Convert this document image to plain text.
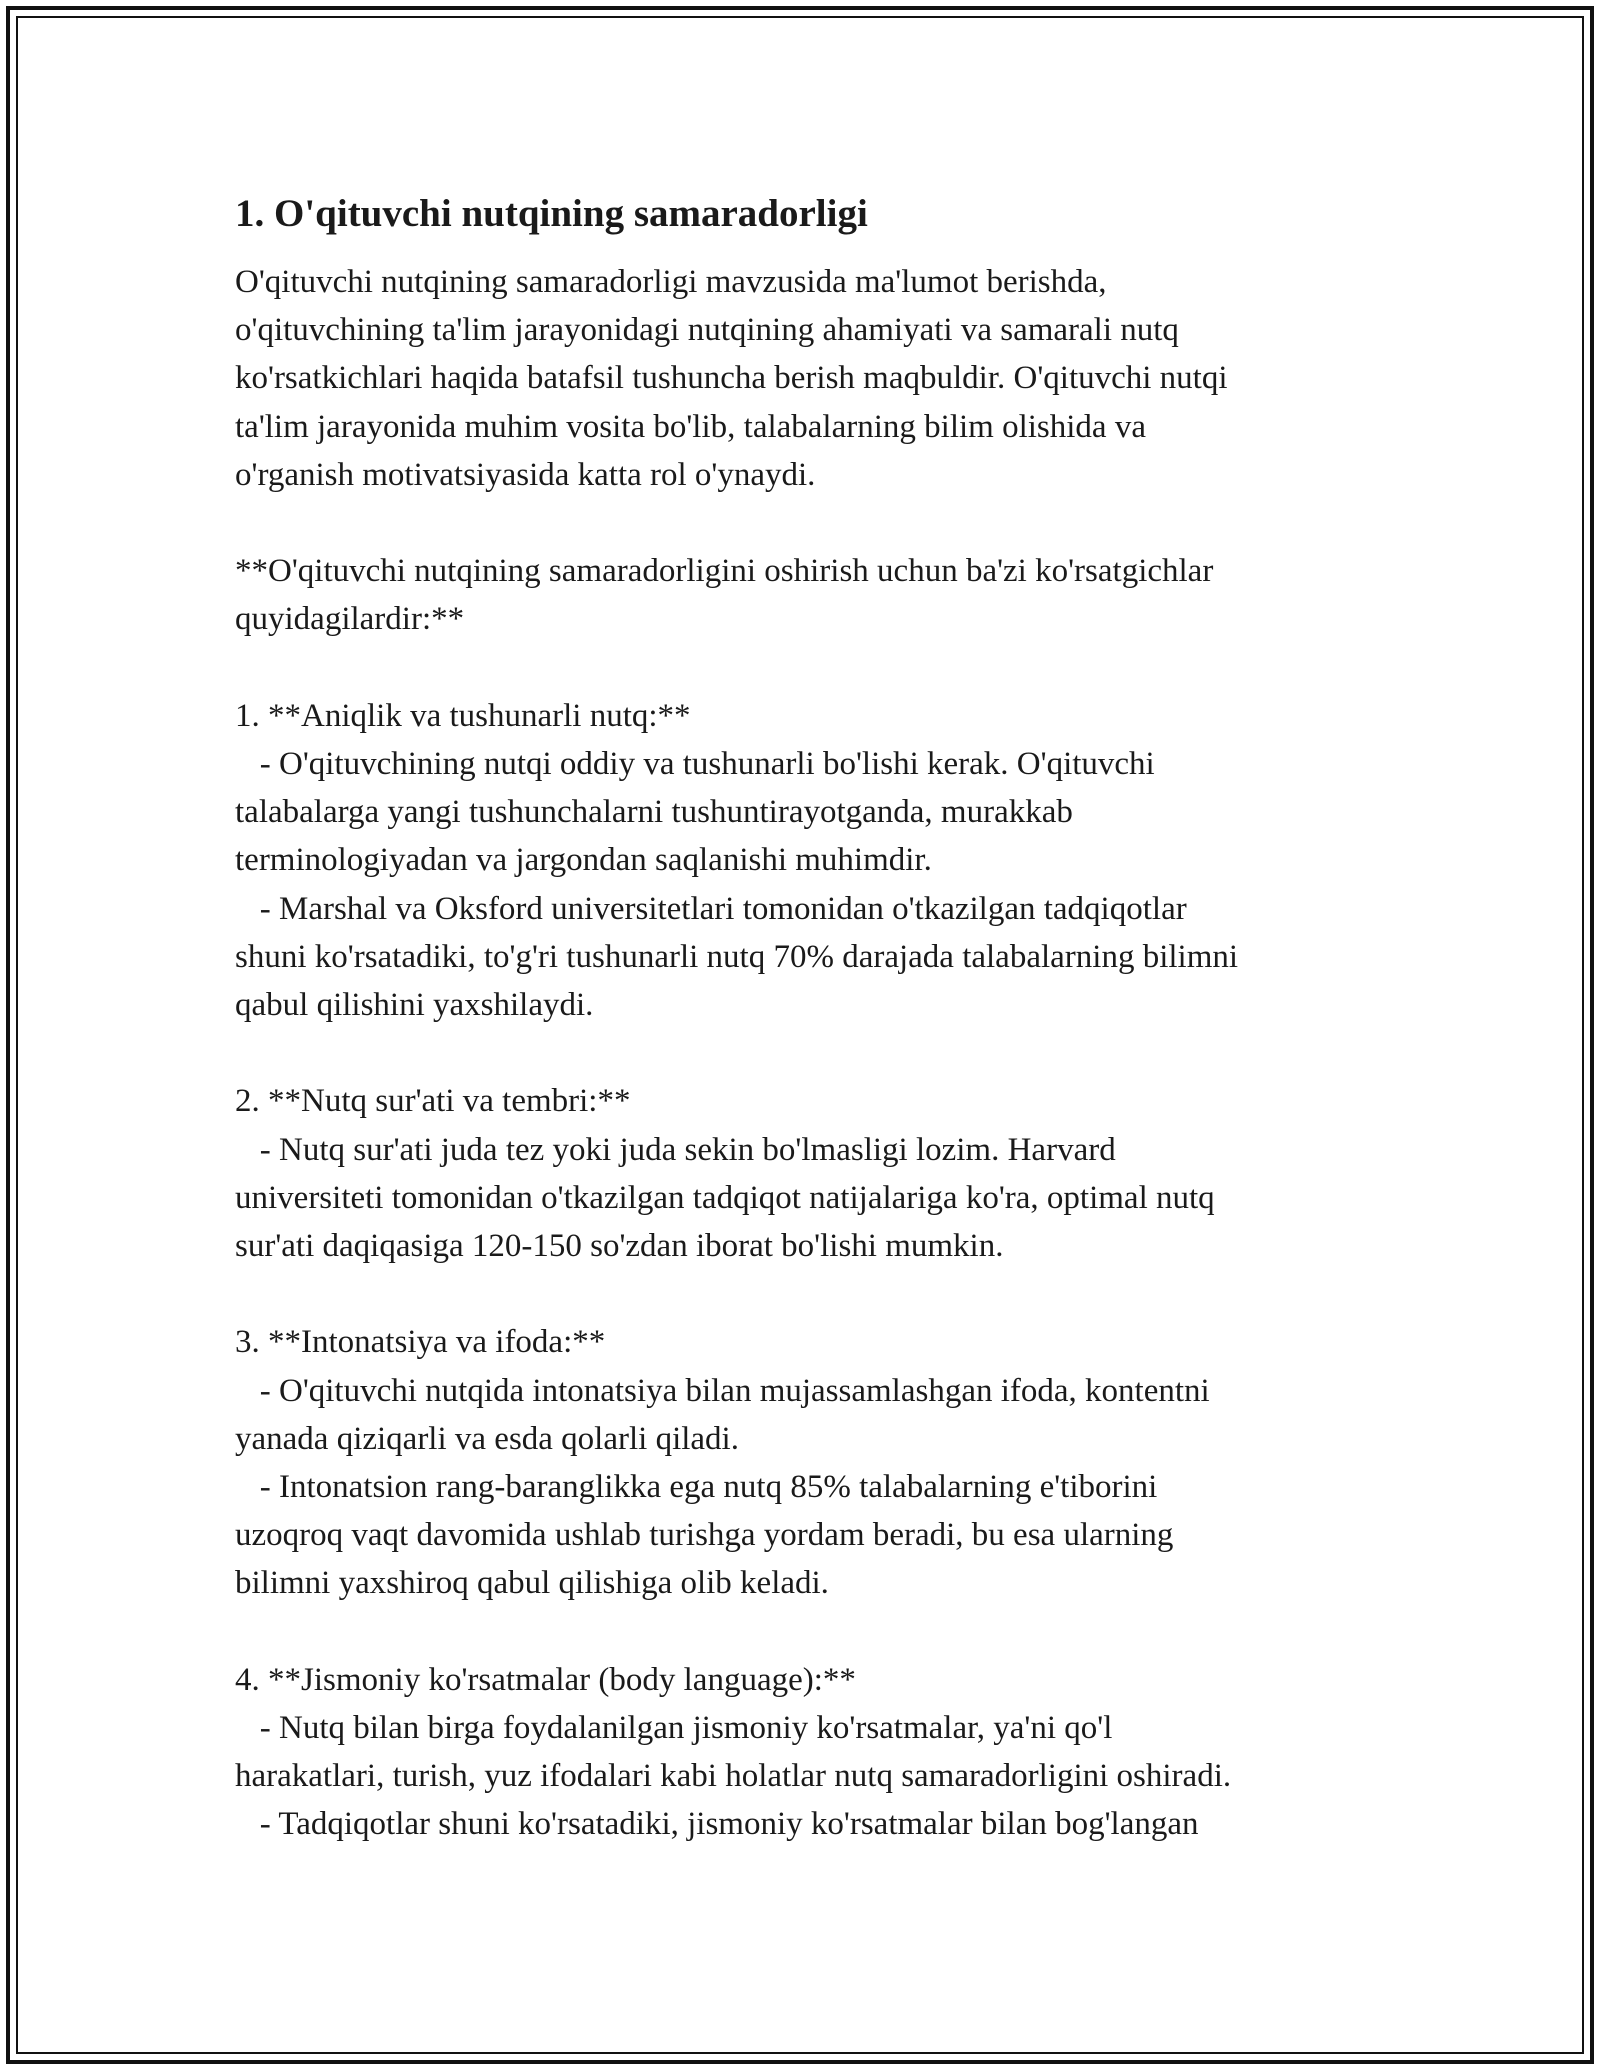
1. O'qituvchi nutqining samaradorligi

O'qituvchi nutqining samaradorligi mavzusida ma'lumot berishda,
o'qituvchining ta'lim jarayonidagi nutqining ahamiyati va samarali nutq
ko'rsatkichlari haqida batafsil tushuncha berish maqbuldir. O'qituvchi nutqi
ta'lim jarayonida muhim vosita bo'lib, talabalarning bilim olishida va
o'rganish motivatsiyasida katta rol o'ynaydi.

**O'qituvchi nutqining samaradorligini oshirish uchun ba'zi ko'rsatgichlar
quyidagilardir:**

1. **Aniqlik va tushunarli nutq:**
- O'qituvchining nutqi oddiy va tushunarli bo'lishi kerak. O'qituvchi
talabalarga yangi tushunchalarni tushuntirayotganda, murakkab
terminologiyadan va jargondan saqlanishi muhimdir.
- Marshal va Oksford universitetlari tomonidan o'tkazilgan tadqiqotlar
shuni ko'rsatadiki, to'g'ri tushunarli nutq 70% darajada talabalarning bilimni
qabul qilishini yaxshilaydi.

2. **Nutq sur'ati va tembri:**
- Nutq sur'ati juda tez yoki juda sekin bo'lmasligi lozim. Harvard
universiteti tomonidan o'tkazilgan tadqiqot natijalariga ko'ra, optimal nutq
sur'ati daqiqasiga 120-150 so'zdan iborat bo'lishi mumkin.

3. **Intonatsiya va ifoda:**
- O'qituvchi nutqida intonatsiya bilan mujassamlashgan ifoda, kontentni
yanada qiziqarli va esda qolarli qiladi.
- Intonatsion rang-baranglikka ega nutq 85% talabalarning e'tiborini
uzoqroq vaqt davomida ushlab turishga yordam beradi, bu esa ularning
bilimni yaxshiroq qabul qilishiga olib keladi.

4. **Jismoniy ko'rsatmalar (body language):**
- Nutq bilan birga foydalanilgan jismoniy ko'rsatmalar, ya'ni qo'l
harakatlari, turish, yuz ifodalari kabi holatlar nutq samaradorligini oshiradi.
- Tadqiqotlar shuni ko'rsatadiki, jismoniy ko'rsatmalar bilan bog'langan
